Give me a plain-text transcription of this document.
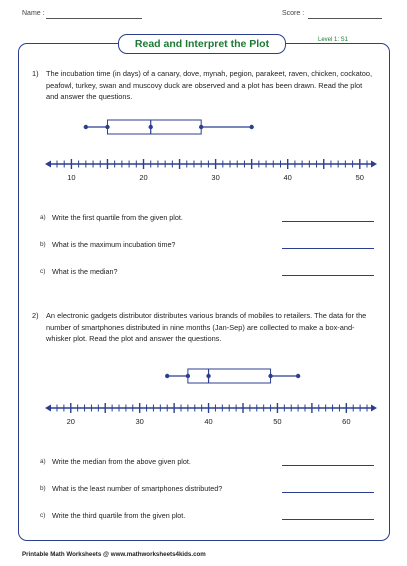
Name :	Score :
Read and Interpret the Plot	Level 1: S1
1) The incubation time (in days) of a canary, dove, mynah, pegion, parakeet, raven, chicken, cockatoo, peafowl, turkey, swan and muscovy duck are observed and a plot has been drawn. Read the plot and answer the questions.
10	20	30	40	50
20	30	40	50	60
a) Write the first quartile from the given plot.
b) What is the maximum incubation time?
c) What is the median?
2) An electronic gadgets distributor distributes various brands of mobiles to retailers. The data for the number of smartphones distributed in nine months (Jan-Sep) are collected to make a box-and-whisker plot. Read the plot and answer the questions.
a) Write the median from the above given plot.
b) What is the least number of smartphones distributed?
c) Write the third quartile from the given plot.
Printable Math Worksheets @ www.mathworksheets4kids.com
